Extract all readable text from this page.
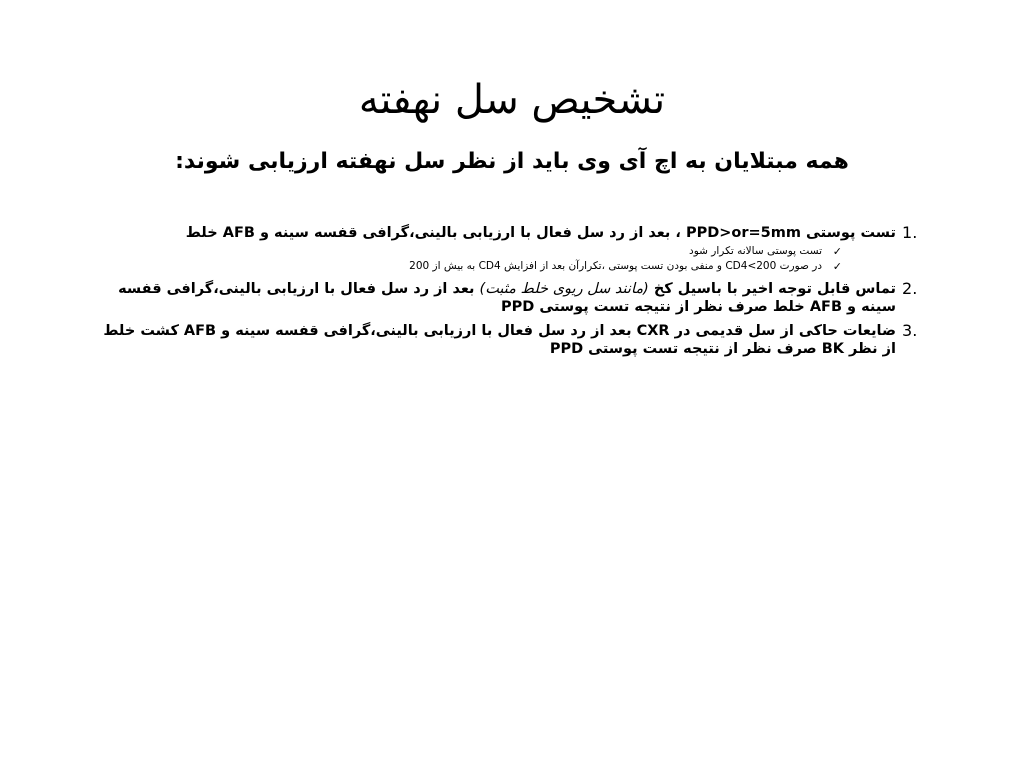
تشخیص سل نهفته
همه مبتلایان به اچ آی وی باید از نظر سل نهفته ارزیابی شوند:
1 .
تست پوستی PPD>or=5mm ، بعد از رد سل فعال با ارزیابی بالینی،گرافی قفسه سینه و AFB خلط
✓
تست پوستی سالانه تکرار شود
✓
در صورت CD4<200 و منفی بودن تست پوستی ،تکرارآن بعد از افزایش CD4 به بیش از 200
2 .
تماس قابل توجه اخیر با باسیل کخ (مانند سل ریوی خلط مثبت) بعد از رد سل فعال با ارزیابی بالینی،گرافی قفسه سینه و AFB خلط صرف نظر از نتیجه تست پوستی PPD
3 .
ضایعات حاکی از سل قدیمی در CXR بعد از رد سل فعال با ارزیابی بالینی،گرافی قفسه سینه و AFB کشت خلط از نظر BK صرف نظر از نتیجه تست پوستی PPD
